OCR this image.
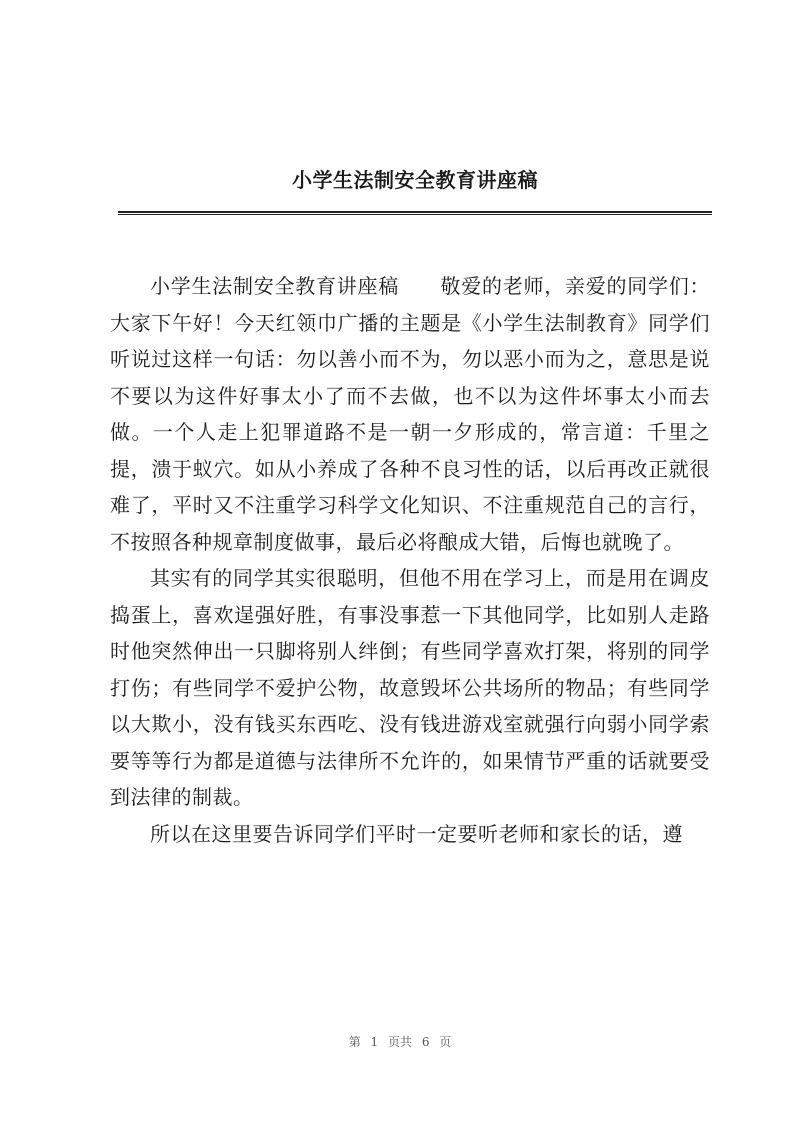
小学生法制安全教育讲座稿

小学生法制安全教育讲座稿　　敬爱的老师，亲爱的同学们：大家下午好！今天红领巾广播的主题是《小学生法制教育》同学们听说过这样一句话：勿以善小而不为，勿以恶小而为之，意思是说不要以为这件好事太小了而不去做，也不以为这件坏事太小而去做。一个人走上犯罪道路不是一朝一夕形成的，常言道：千里之提，溃于蚁穴。如从小养成了各种不良习性的话，以后再改正就很难了，平时又不注重学习科学文化知识、不注重规范自己的言行，不按照各种规章制度做事，最后必将酿成大错，后悔也就晚了。

其实有的同学其实很聪明，但他不用在学习上，而是用在调皮捣蛋上，喜欢逞强好胜，有事没事惹一下其他同学，比如别人走路时他突然伸出一只脚将别人绊倒；有些同学喜欢打架，将别的同学打伤；有些同学不爱护公物，故意毁坏公共场所的物品；有些同学以大欺小，没有钱买东西吃、没有钱进游戏室就强行向弱小同学索要等等行为都是道德与法律所不允许的，如果情节严重的话就要受到法律的制裁。

所以在这里要告诉同学们平时一定要听老师和家长的话，遵

第 1 页共 6 页
